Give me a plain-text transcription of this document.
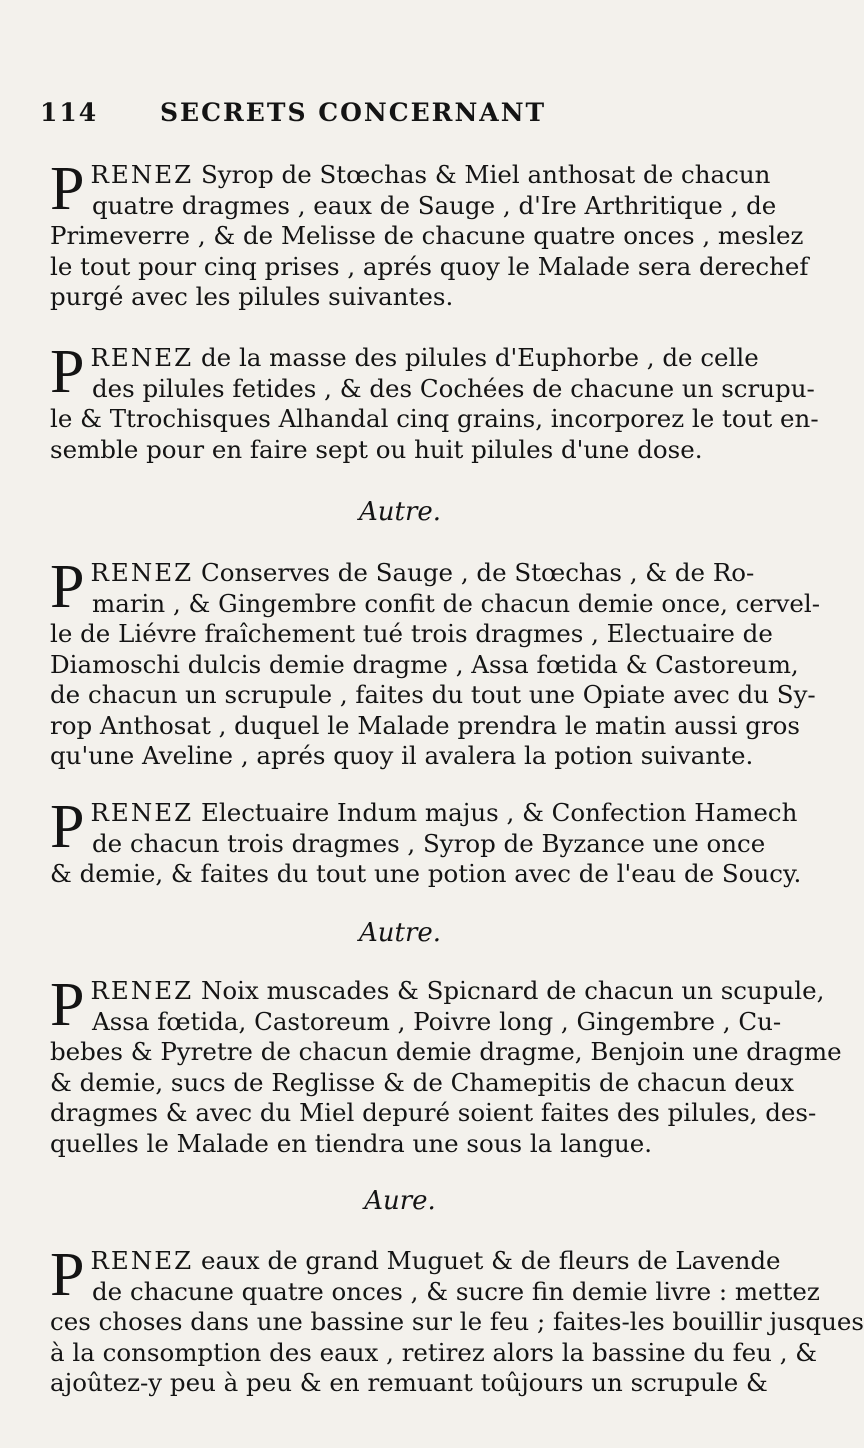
114 SECRETS CONCERNANT
P RENEZ Syrop de Stœchas & Miel anthosat de chacun
quatre dragmes , eaux de Sauge , d'Ire Arthritique , de
Primeverre , & de Melisse de chacune quatre onces , meslez
le tout pour cinq prises , aprés quoy le Malade sera derechef
purgé avec les pilules suivantes.
P RENEZ de la masse des pilules d'Euphorbe , de celle
des pilules fetides , & des Cochées de chacune un scrupu-
le & Ttrochisques Alhandal cinq grains, incorporez le tout en-
semble pour en faire sept ou huit pilules d'une dose.
Autre.
P RENEZ Conserves de Sauge , de Stœchas , & de Ro-
marin , & Gingembre confit de chacun demie once, cervel-
le de Liévre fraîchement tué trois dragmes , Electuaire de
Diamoschi dulcis demie dragme , Assa fœtida & Castoreum,
de chacun un scrupule , faites du tout une Opiate avec du Sy-
rop Anthosat , duquel le Malade prendra le matin aussi gros
qu'une Aveline , aprés quoy il avalera la potion suivante.
P RENEZ Electuaire Indum majus , & Confection Hamech
de chacun trois dragmes , Syrop de Byzance une once
& demie, & faites du tout une potion avec de l'eau de Soucy.
Autre.
P RENEZ Noix muscades & Spicnard de chacun un scupule,
Assa fœtida, Castoreum , Poivre long , Gingembre , Cu-
bebes & Pyretre de chacun demie dragme, Benjoin une dragme
& demie, sucs de Reglisse & de Chamepitis de chacun deux
dragmes & avec du Miel depuré soient faites des pilules, des-
quelles le Malade en tiendra une sous la langue.
Aure.
P RENEZ eaux de grand Muguet & de fleurs de Lavende
de chacune quatre onces , & sucre fin demie livre : mettez
ces choses dans une bassine sur le feu ; faites-les bouillir jusques
à la consomption des eaux , retirez alors la bassine du feu , &
ajoûtez-y peu à peu & en remuant toûjours un scrupule &
